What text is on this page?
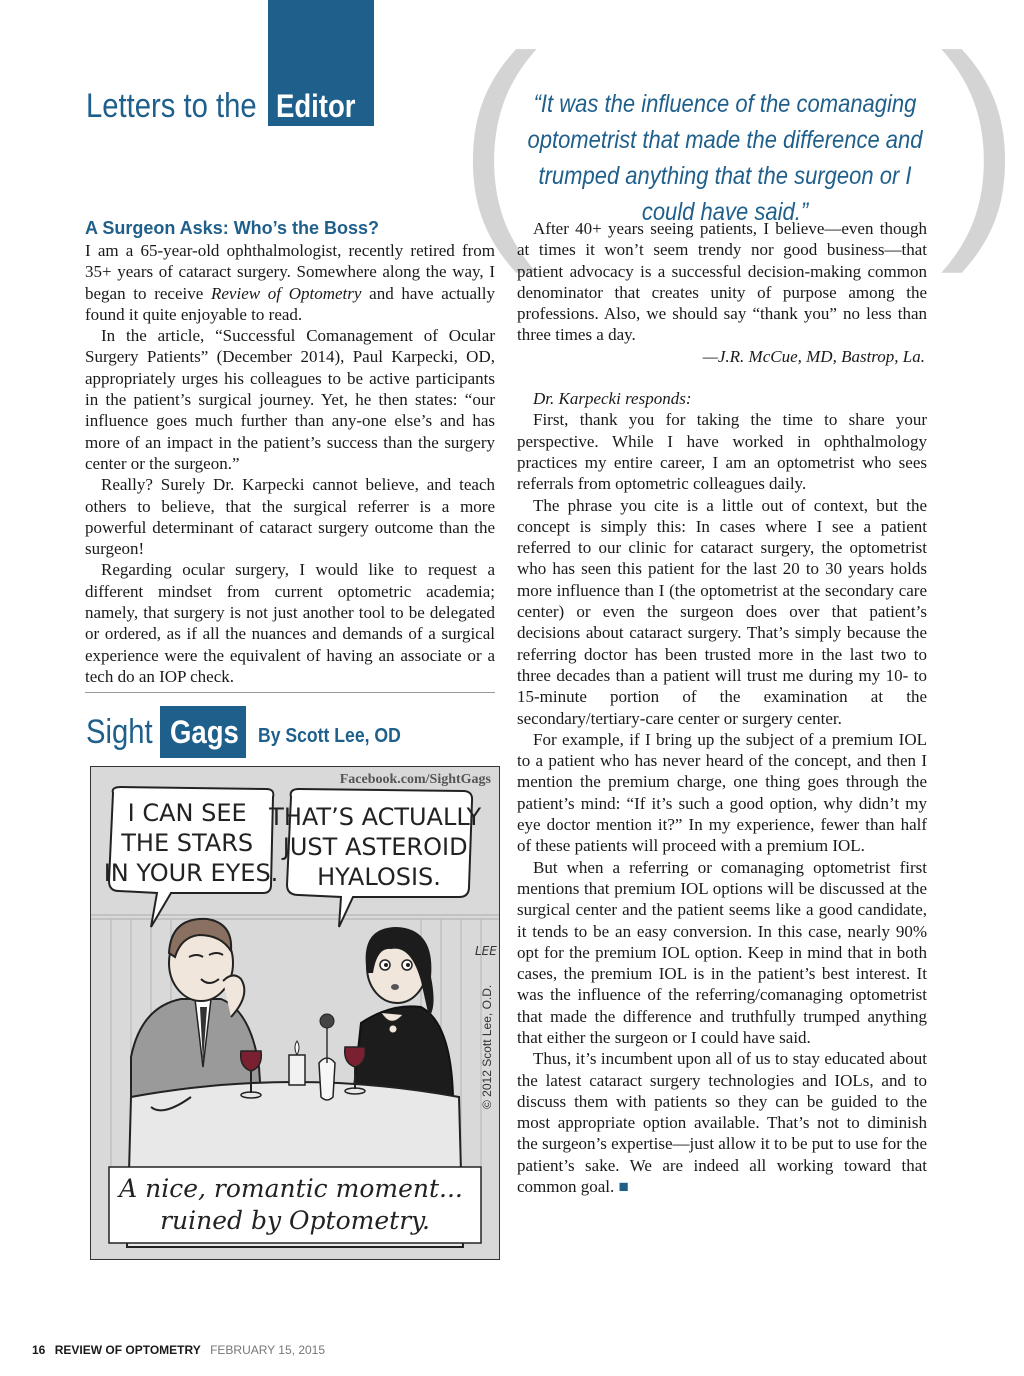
Letters to the Editor ( )
“It was the influence of the comanaging optometrist that made the difference and trumped anything that the surgeon or I could have said.”
A Surgeon Asks: Who’s the Boss?

I am a 65-year-old ophthalmologist, recently retired from 35+ years of cataract surgery. Somewhere along the way, I began to receive Review of Optometry and have actually found it quite enjoyable to read.

In the article, “Successful Comanagement of Ocular Surgery Patients” (December 2014), Paul Karpecki, OD, appropriately urges his colleagues to be active participants in the patient’s surgical journey. Yet, he then states: “our influence goes much further than any-one else’s and has more of an impact in the patient’s success than the surgery center or the surgeon.”

Really? Surely Dr. Karpecki cannot believe, and teach others to believe, that the surgical referrer is a more powerful determinant of cataract surgery outcome than the surgeon!

Regarding ocular surgery, I would like to request a different mindset from current optometric academia; namely, that surgery is not just another tool to be delegated or ordered, as if all the nuances and demands of a surgical experience were the equivalent of having an associate or a tech do an IOP check.

After 40+ years seeing patients, I believe—even though at times it won’t seem trendy nor good business—that patient advocacy is a successful decision-making common denominator that creates unity of purpose among the professions. Also, we should say “thank you” no less than three times a day.

—J.R. McCue, MD, Bastrop, La.

Dr. Karpecki responds:

First, thank you for taking the time to share your perspective. While I have worked in ophthalmology practices my entire career, I am an optometrist who sees referrals from optometric colleagues daily.

The phrase you cite is a little out of context, but the concept is simply this: In cases where I see a patient referred to our clinic for cataract surgery, the optometrist who has seen this patient for the last 20 to 30 years holds more influence than I (the optometrist at the secondary care center) or even the surgeon does over that patient’s decisions about cataract surgery. That’s simply because the referring doctor has been trusted more in the last two to three decades than a patient will trust me during my 10- to 15-minute portion of the examination at the secondary/tertiary-care center or surgery center.

For example, if I bring up the subject of a premium IOL to a patient who has never heard of the concept, and then I mention the premium charge, one thing goes through the patient’s mind: “If it’s such a good option, why didn’t my eye doctor mention it?” In my experience, fewer than half of these patients will proceed with a premium IOL.

But when a referring or comanaging optometrist first mentions that premium IOL options will be discussed at the surgical center and the patient seems like a good candidate, it tends to be an easy conversion. In this case, nearly 90% opt for the premium IOL option. Keep in mind that in both cases, the premium IOL is in the patient’s best interest. It was the influence of the referring/comanaging optometrist that made the difference and truthfully trumped anything that either the surgeon or I could have said.

Thus, it’s incumbent upon all of us to stay educated about the latest cataract surgery technologies and IOLs, and to discuss them with patients so they can be guided to the most appropriate option available. That’s not to diminish the surgeon’s expertise—just allow it to be put to use for the patient’s sake. We are indeed all working toward that common goal. ■

Sight Gags By Scott Lee, OD
Facebook.com/SightGags
I CAN SEE THE STARS IN YOUR EYES.
THAT’S ACTUALLY JUST ASTEROID HYALOSIS.
LEE
© 2012 Scott Lee, O.D.
A nice, romantic moment... ruined by Optometry.
16 REVIEW OF OPTOMETRY FEBRUARY 15, 2015
